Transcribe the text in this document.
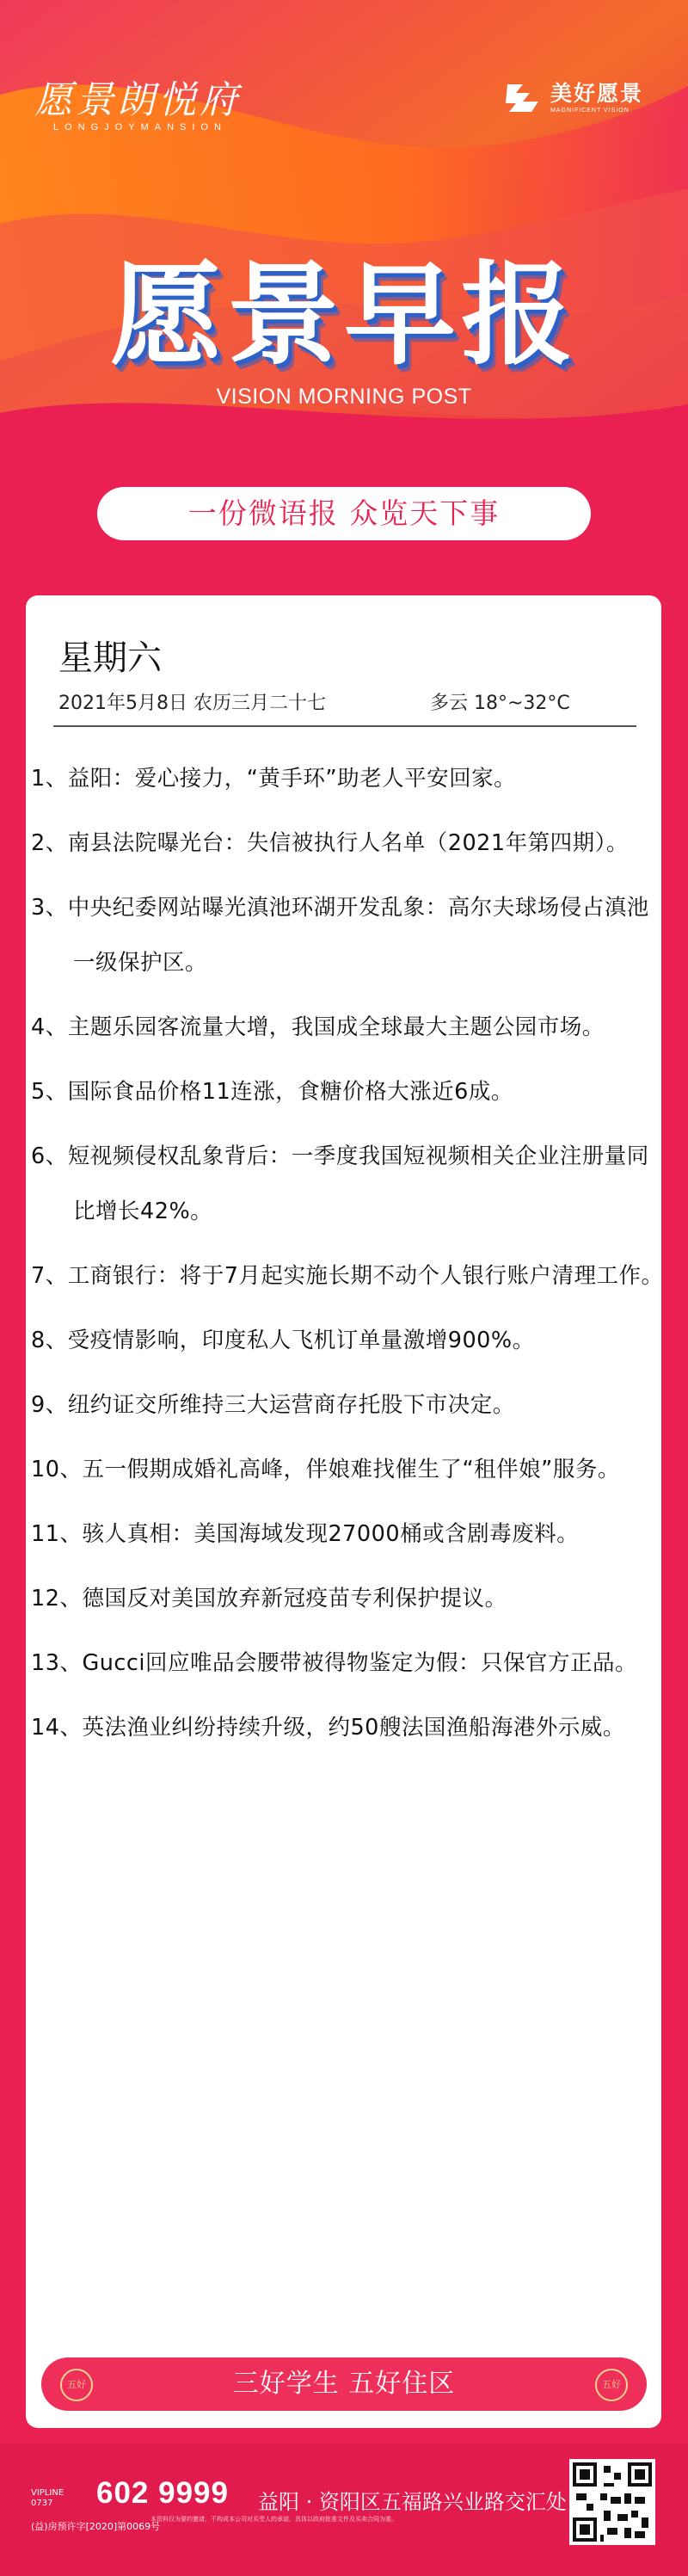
愿景朗悦府
LONGJOYMANSION
美好愿景
MAGNIFICENT VISION
愿景早报
VISION MORNING POST
一份微语报 众览天下事
星期六
2021年5月8日 农历三月二十七	多云 18°~32°C
1、益阳：爱心接力，“黄手环”助老人平安回家。
2、南县法院曝光台：失信被执行人名单（2021年第四期）。
3、中央纪委网站曝光滇池环湖开发乱象：高尔夫球场侵占滇池一级保护区。
4、主题乐园客流量大增，我国成全球最大主题公园市场。
5、国际食品价格11连涨，食糖价格大涨近6成。
6、短视频侵权乱象背后：一季度我国短视频相关企业注册量同比增长42%。
7、工商银行：将于7月起实施长期不动个人银行账户清理工作。
8、受疫情影响，印度私人飞机订单量激增900%。
9、纽约证交所维持三大运营商存托股下市决定。
10、五一假期成婚礼高峰，伴娘难找催生了“租伴娘”服务。
11、骇人真相：美国海域发现27000桶或含剧毒废料。
12、德国反对美国放弃新冠疫苗专利保护提议。
13、Gucci回应唯品会腰带被得物鉴定为假：只保官方正品。
14、英法渔业纠纷持续升级，约50艘法国渔船海港外示威。
五好	五好
三好学生 五好住区
VIPLINE
0737	602 9999 益阳 · 资阳区五福路兴业路交汇处
(益)房预许字[2020]第0069号
本资料仅为要约邀请，不构成本公司对买受人的承诺，具体以政府批准文件及买卖合同为准。
